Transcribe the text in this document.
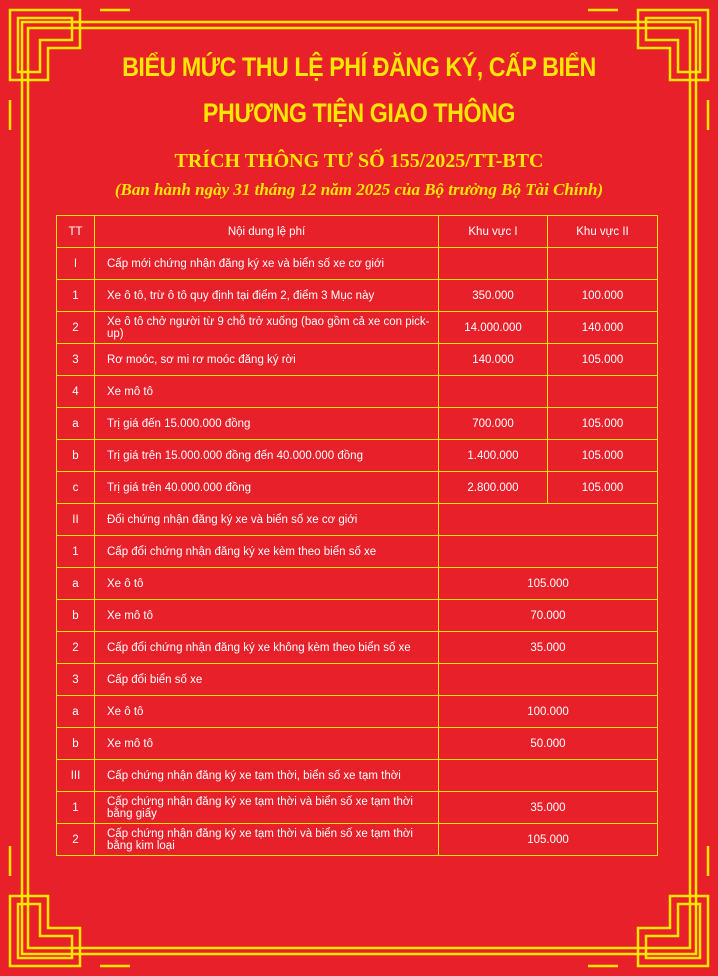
BIỂU MỨC THU LỆ PHÍ ĐĂNG KÝ, CẤP BIỂN
PHƯƠNG TIỆN GIAO THÔNG
TRÍCH THÔNG TƯ SỐ 155/2025/TT-BTC
(Ban hành ngày 31 tháng 12 năm 2025 của Bộ trưởng Bộ Tài Chính)
TT	Nội dung lệ phí	Khu vực I	Khu vực II
I	Cấp mới chứng nhận đăng ký xe và biển số xe cơ giới		
1	Xe ô tô, trừ ô tô quy định tại điểm 2, điểm 3 Mục này	350.000	100.000
2	Xe ô tô chở người từ 9 chỗ trở xuống (bao gồm cả xe con pick-up)	14.000.000	140.000
3	Rơ moóc, sơ mi rơ moóc đăng ký rời	140.000	105.000
4	Xe mô tô		
a	Trị giá đến 15.000.000 đồng	700.000	105.000
b	Trị giá trên 15.000.000 đồng đến 40.000.000 đồng	1.400.000	105.000
c	Trị giá trên 40.000.000 đồng	2.800.000	105.000
II	Đổi chứng nhận đăng ký xe và biển số xe cơ giới		
1	Cấp đổi chứng nhận đăng ký xe kèm theo biển số xe		
a	Xe ô tô	105.000	
b	Xe mô tô	70.000	
2	Cấp đổi chứng nhận đăng ký xe không kèm theo biển số xe	35.000	
3	Cấp đổi biển số xe		
a	Xe ô tô	100.000	
b	Xe mô tô	50.000	
III	Cấp chứng nhận đăng ký xe tạm thời, biển số xe tạm thời		
1	Cấp chứng nhận đăng ký xe tạm thời và biển số xe tạm thời bằng giấy	35.000	
2	Cấp chứng nhận đăng ký xe tạm thời và biển số xe tạm thời bằng kim loại	105.000	
